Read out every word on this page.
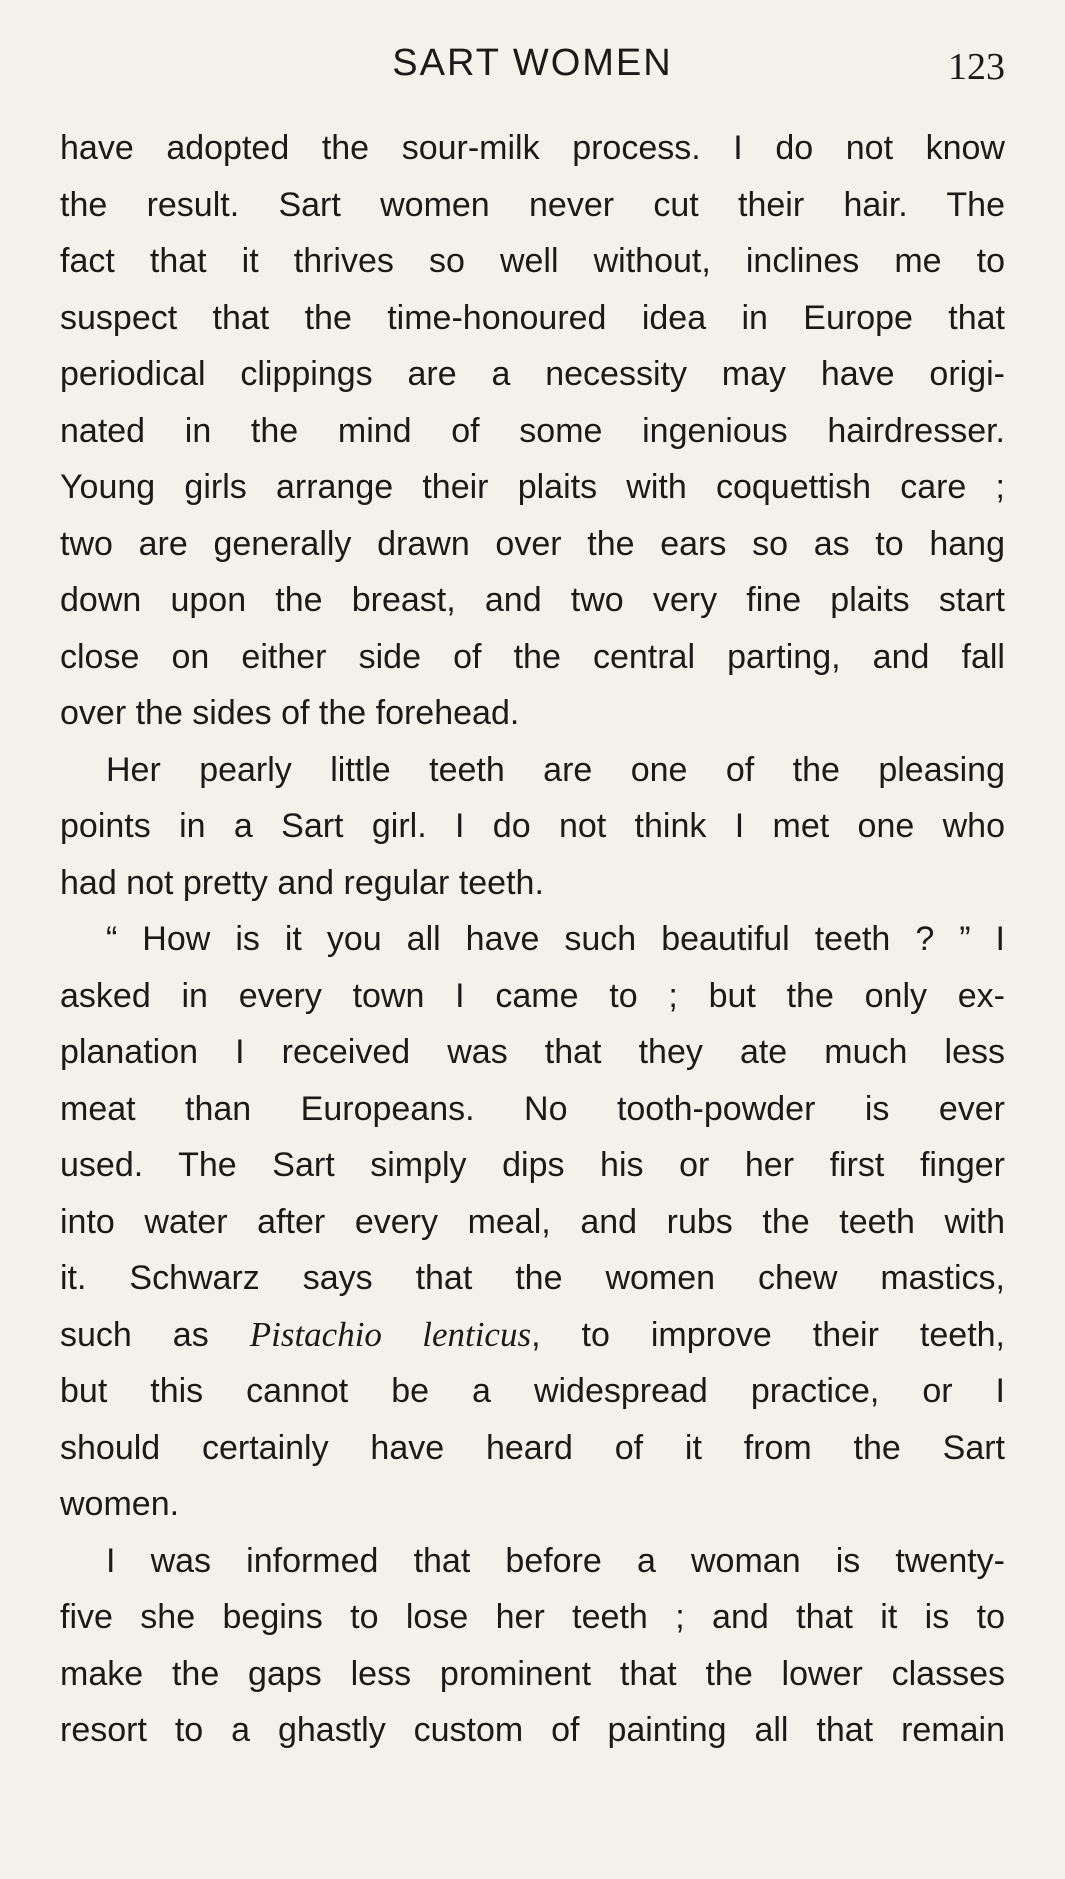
SART WOMEN	123
have adopted the sour-milk process. I do not know
the result. Sart women never cut their hair. The
fact that it thrives so well without, inclines me to
suspect that the time-honoured idea in Europe that
periodical clippings are a necessity may have origi-
nated in the mind of some ingenious hairdresser.
Young girls arrange their plaits with coquettish care ;
two are generally drawn over the ears so as to hang
down upon the breast, and two very fine plaits start
close on either side of the central parting, and fall
over the sides of the forehead.
Her pearly little teeth are one of the pleasing
points in a Sart girl. I do not think I met one who
had not pretty and regular teeth.
“ How is it you all have such beautiful teeth ? ” I
asked in every town I came to ; but the only ex-
planation I received was that they ate much less
meat than Europeans. No tooth-powder is ever
used. The Sart simply dips his or her first finger
into water after every meal, and rubs the teeth with
it. Schwarz says that the women chew mastics,
such as Pistachio lenticus, to improve their teeth,
but this cannot be a widespread practice, or I
should certainly have heard of it from the Sart
women.
I was informed that before a woman is twenty-
five she begins to lose her teeth ; and that it is to
make the gaps less prominent that the lower classes
resort to a ghastly custom of painting all that remain
